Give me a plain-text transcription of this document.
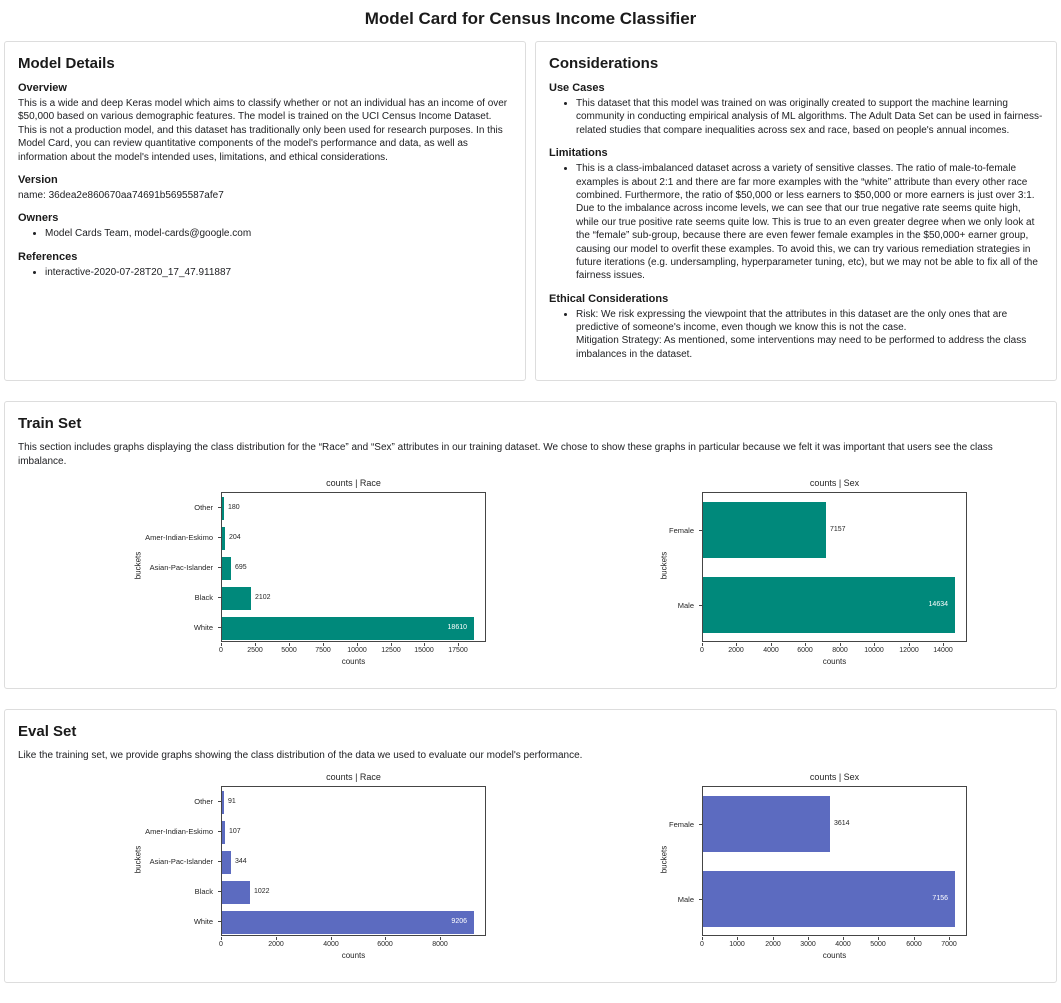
Model Card for Census Income Classifier
Model Details
Overview

This is a wide and deep Keras model which aims to classify whether or not an individual has an income of over $50,000 based on various demographic features. The model is trained on the UCI Census Income Dataset. This is not a production model, and this dataset has traditionally only been used for research purposes. In this Model Card, you can review quantitative components of the model's performance and data, as well as information about the model's intended uses, limitations, and ethical considerations.

Version

name: 36dea2e860670aa74691b5695587afe7

Owners
• Model Cards Team, model-cards@google.com
References
• interactive-2020-07-28T20_17_47.911887
Considerations
Use Cases
• This dataset that this model was trained on was originally created to support the machine learning community in conducting empirical analysis of ML algorithms. The Adult Data Set can be used in fairness-related studies that compare inequalities across sex and race, based on people's annual incomes.
Limitations
• This is a class-imbalanced dataset across a variety of sensitive classes. The ratio of male-to-female examples is about 2:1 and there are far more examples with the “white” attribute than every other race combined. Furthermore, the ratio of $50,000 or less earners to $50,000 or more earners is just over 3:1. Due to the imbalance across income levels, we can see that our true negative rate seems quite high, while our true positive rate seems quite low. This is true to an even greater degree when we only look at the “female” sub-group, because there are even fewer female examples in the $50,000+ earner group, causing our model to overfit these examples. To avoid this, we can try various remediation strategies in future iterations (e.g. undersampling, hyperparameter tuning, etc), but we may not be able to fix all of the fairness issues.
Ethical Considerations
• Risk: We risk expressing the viewpoint that the attributes in this dataset are the only ones that are predictive of someone's income, even though we know this is not the case.
Mitigation Strategy: As mentioned, some interventions may need to be performed to address the class imbalances in the dataset.
Train Set

This section includes graphs displaying the class distribution for the “Race” and “Sex” attributes in our training dataset. We chose to show these graphs in particular because we felt it was important that users see the class imbalance.

counts | Race
buckets
180
204
695
2102
18610
Other
Amer-Indian-Eskimo
Asian-Pac-Islander
Black
White
0	2500	5000	7500	10000	12500	15000	17500
counts
counts | Sex
buckets
7157
14634
Female
Male
0	2000	4000	6000	8000	10000	12000	14000
counts
Eval Set

Like the training set, we provide graphs showing the class distribution of the data we used to evaluate our model's performance.

counts | Race
buckets
91
107
344
1022
9206
Other
Amer-Indian-Eskimo
Asian-Pac-Islander
Black
White
0	2000	4000	6000	8000
counts
counts | Sex
buckets
3614
7156
Female
Male
0	1000	2000	3000	4000	5000	6000	7000
counts
